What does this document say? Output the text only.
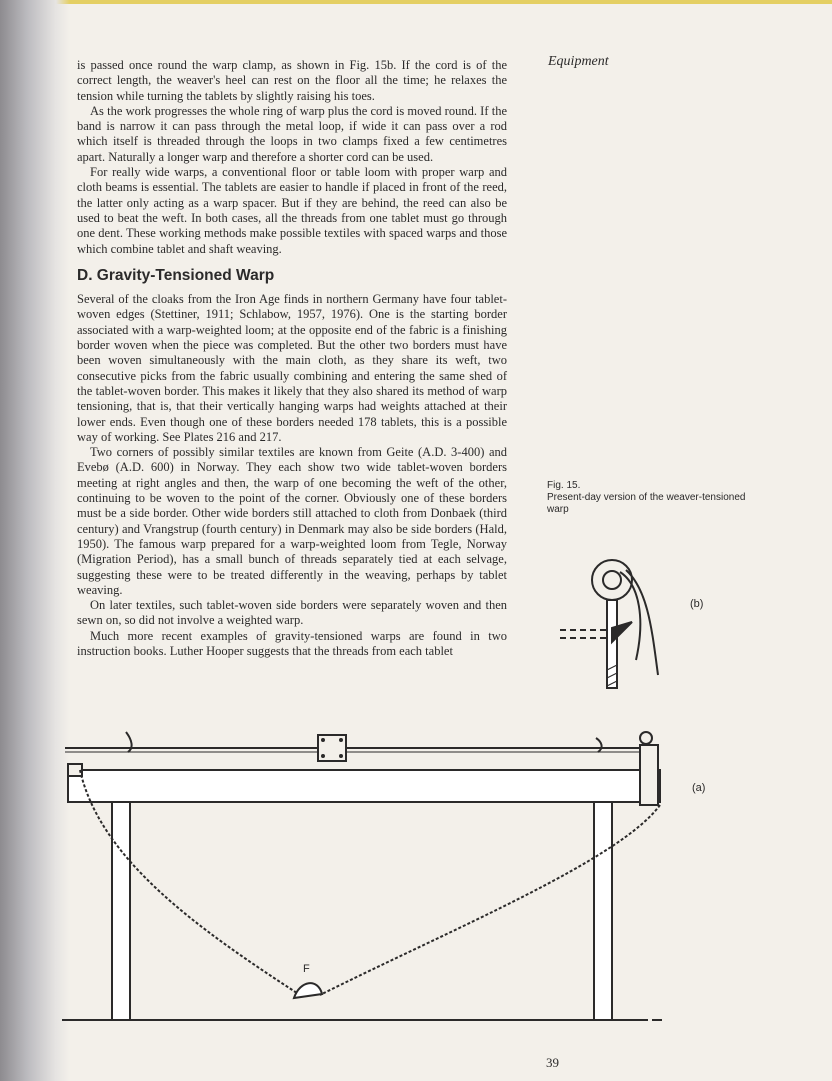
Equipment

is passed once round the warp clamp, as shown in Fig. 15b. If the cord is of the correct length, the weaver's heel can rest on the floor all the time; he relaxes the tension while turning the tablets by slightly raising his toes.

As the work progresses the whole ring of warp plus the cord is moved round. If the band is narrow it can pass through the metal loop, if wide it can pass over a rod which itself is threaded through the loops in two clamps fixed a few centimetres apart. Naturally a longer warp and therefore a shorter cord can be used.

For really wide warps, a conventional floor or table loom with proper warp and cloth beams is essential. The tablets are easier to handle if placed in front of the reed, the latter only acting as a warp spacer. But if they are behind, the reed can also be used to beat the weft. In both cases, all the threads from one tablet must go through one dent. These working methods make possible textiles with spaced warps and those which combine tablet and shaft weaving.

D. Gravity-Tensioned Warp

Several of the cloaks from the Iron Age finds in northern Germany have four tablet-woven edges (Stettiner, 1911; Schlabow, 1957, 1976). One is the starting border associated with a warp-weighted loom; at the opposite end of the fabric is a finishing border woven when the piece was completed. But the other two borders must have been woven simultaneously with the main cloth, as they share its weft, two consecutive picks from the fabric usually combining and entering the same shed of the tablet-woven border. This makes it likely that they also shared its method of warp tensioning, that is, that their vertically hanging warps had weights attached at their lower ends. Even though one of these borders needed 178 tablets, this is a possible way of working. See Plates 216 and 217.

Two corners of possibly similar textiles are known from Geite (A.D. 3-400) and Evebø (A.D. 600) in Norway. They each show two wide tablet-woven borders meeting at right angles and then, the warp of one becoming the weft of the other, continuing to be woven to the point of the corner. Obviously one of these borders must be a side border. Other wide borders still attached to cloth from Donbaek (third century) and Vrangstrup (fourth century) in Denmark may also be side borders (Hald, 1950). The famous warp prepared for a warp-weighted loom from Tegle, Norway (Migration Period), has a small bunch of threads separately tied at each selvage, suggesting these were to be treated differently in the weaving, perhaps by tablet weaving.

On later textiles, such tablet-woven side borders were separately woven and then sewn on, so did not involve a weighted warp.

Much more recent examples of gravity-tensioned warps are found in two instruction books. Luther Hooper suggests that the threads from each tablet

Fig. 15.
Present-day version of the weaver-tensioned warp
(b)
(a)
F
39
